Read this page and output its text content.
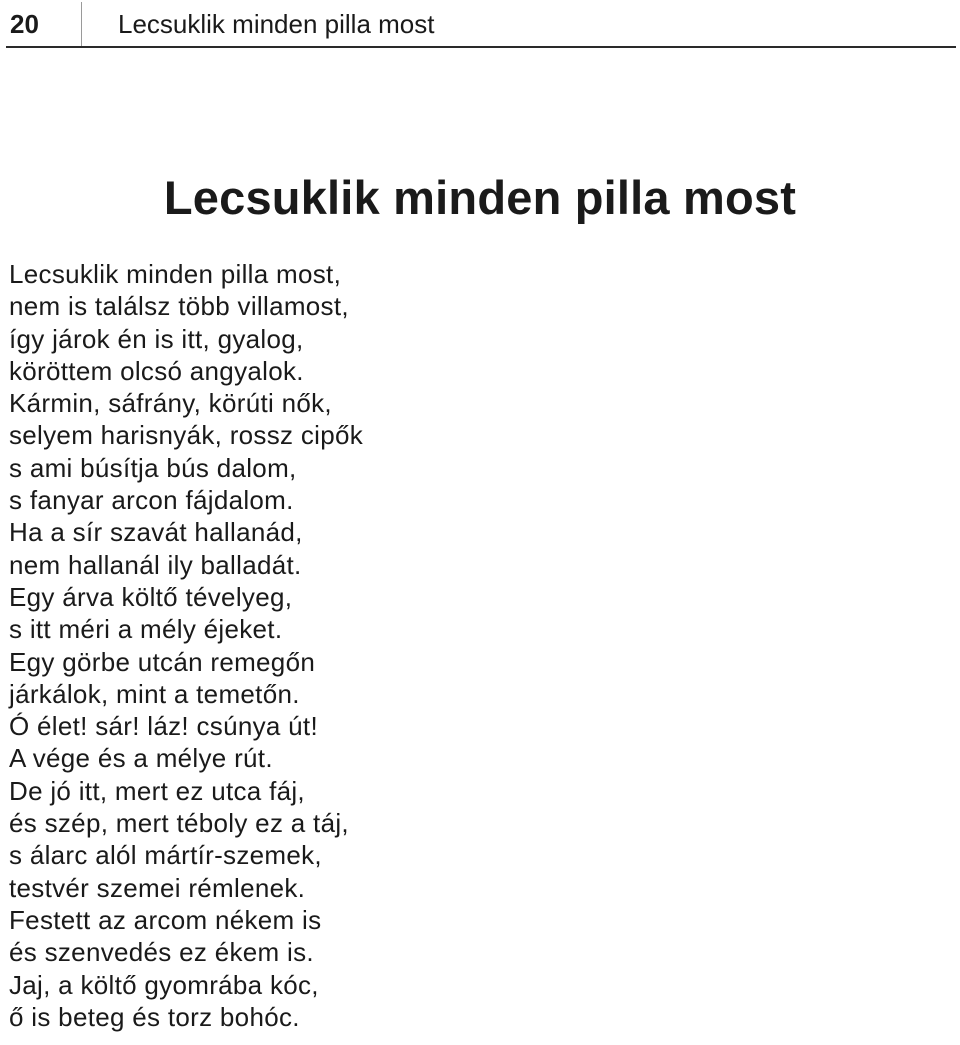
20	Lecsuklik minden pilla most
Lecsuklik minden pilla most
Lecsuklik minden pilla most,
nem is találsz több villamost,
így járok én is itt, gyalog,
köröttem olcsó angyalok.
Kármin, sáfrány, körúti nők,
selyem harisnyák, rossz cipők
s ami búsítja bús dalom,
s fanyar arcon fájdalom.
Ha a sír szavát hallanád,
nem hallanál ily balladát.
Egy árva költő tévelyeg,
s itt méri a mély éjeket.
Egy görbe utcán remegőn
járkálok, mint a temetőn.
Ó élet! sár! láz! csúnya út!
A vége és a mélye rút.
De jó itt, mert ez utca fáj,
és szép, mert téboly ez a táj,
s álarc alól mártír-szemek,
testvér szemei rémlenek.
Festett az arcom nékem is
és szenvedés ez ékem is.
Jaj, a költő gyomrába kóc,
ő is beteg és torz bohóc.
